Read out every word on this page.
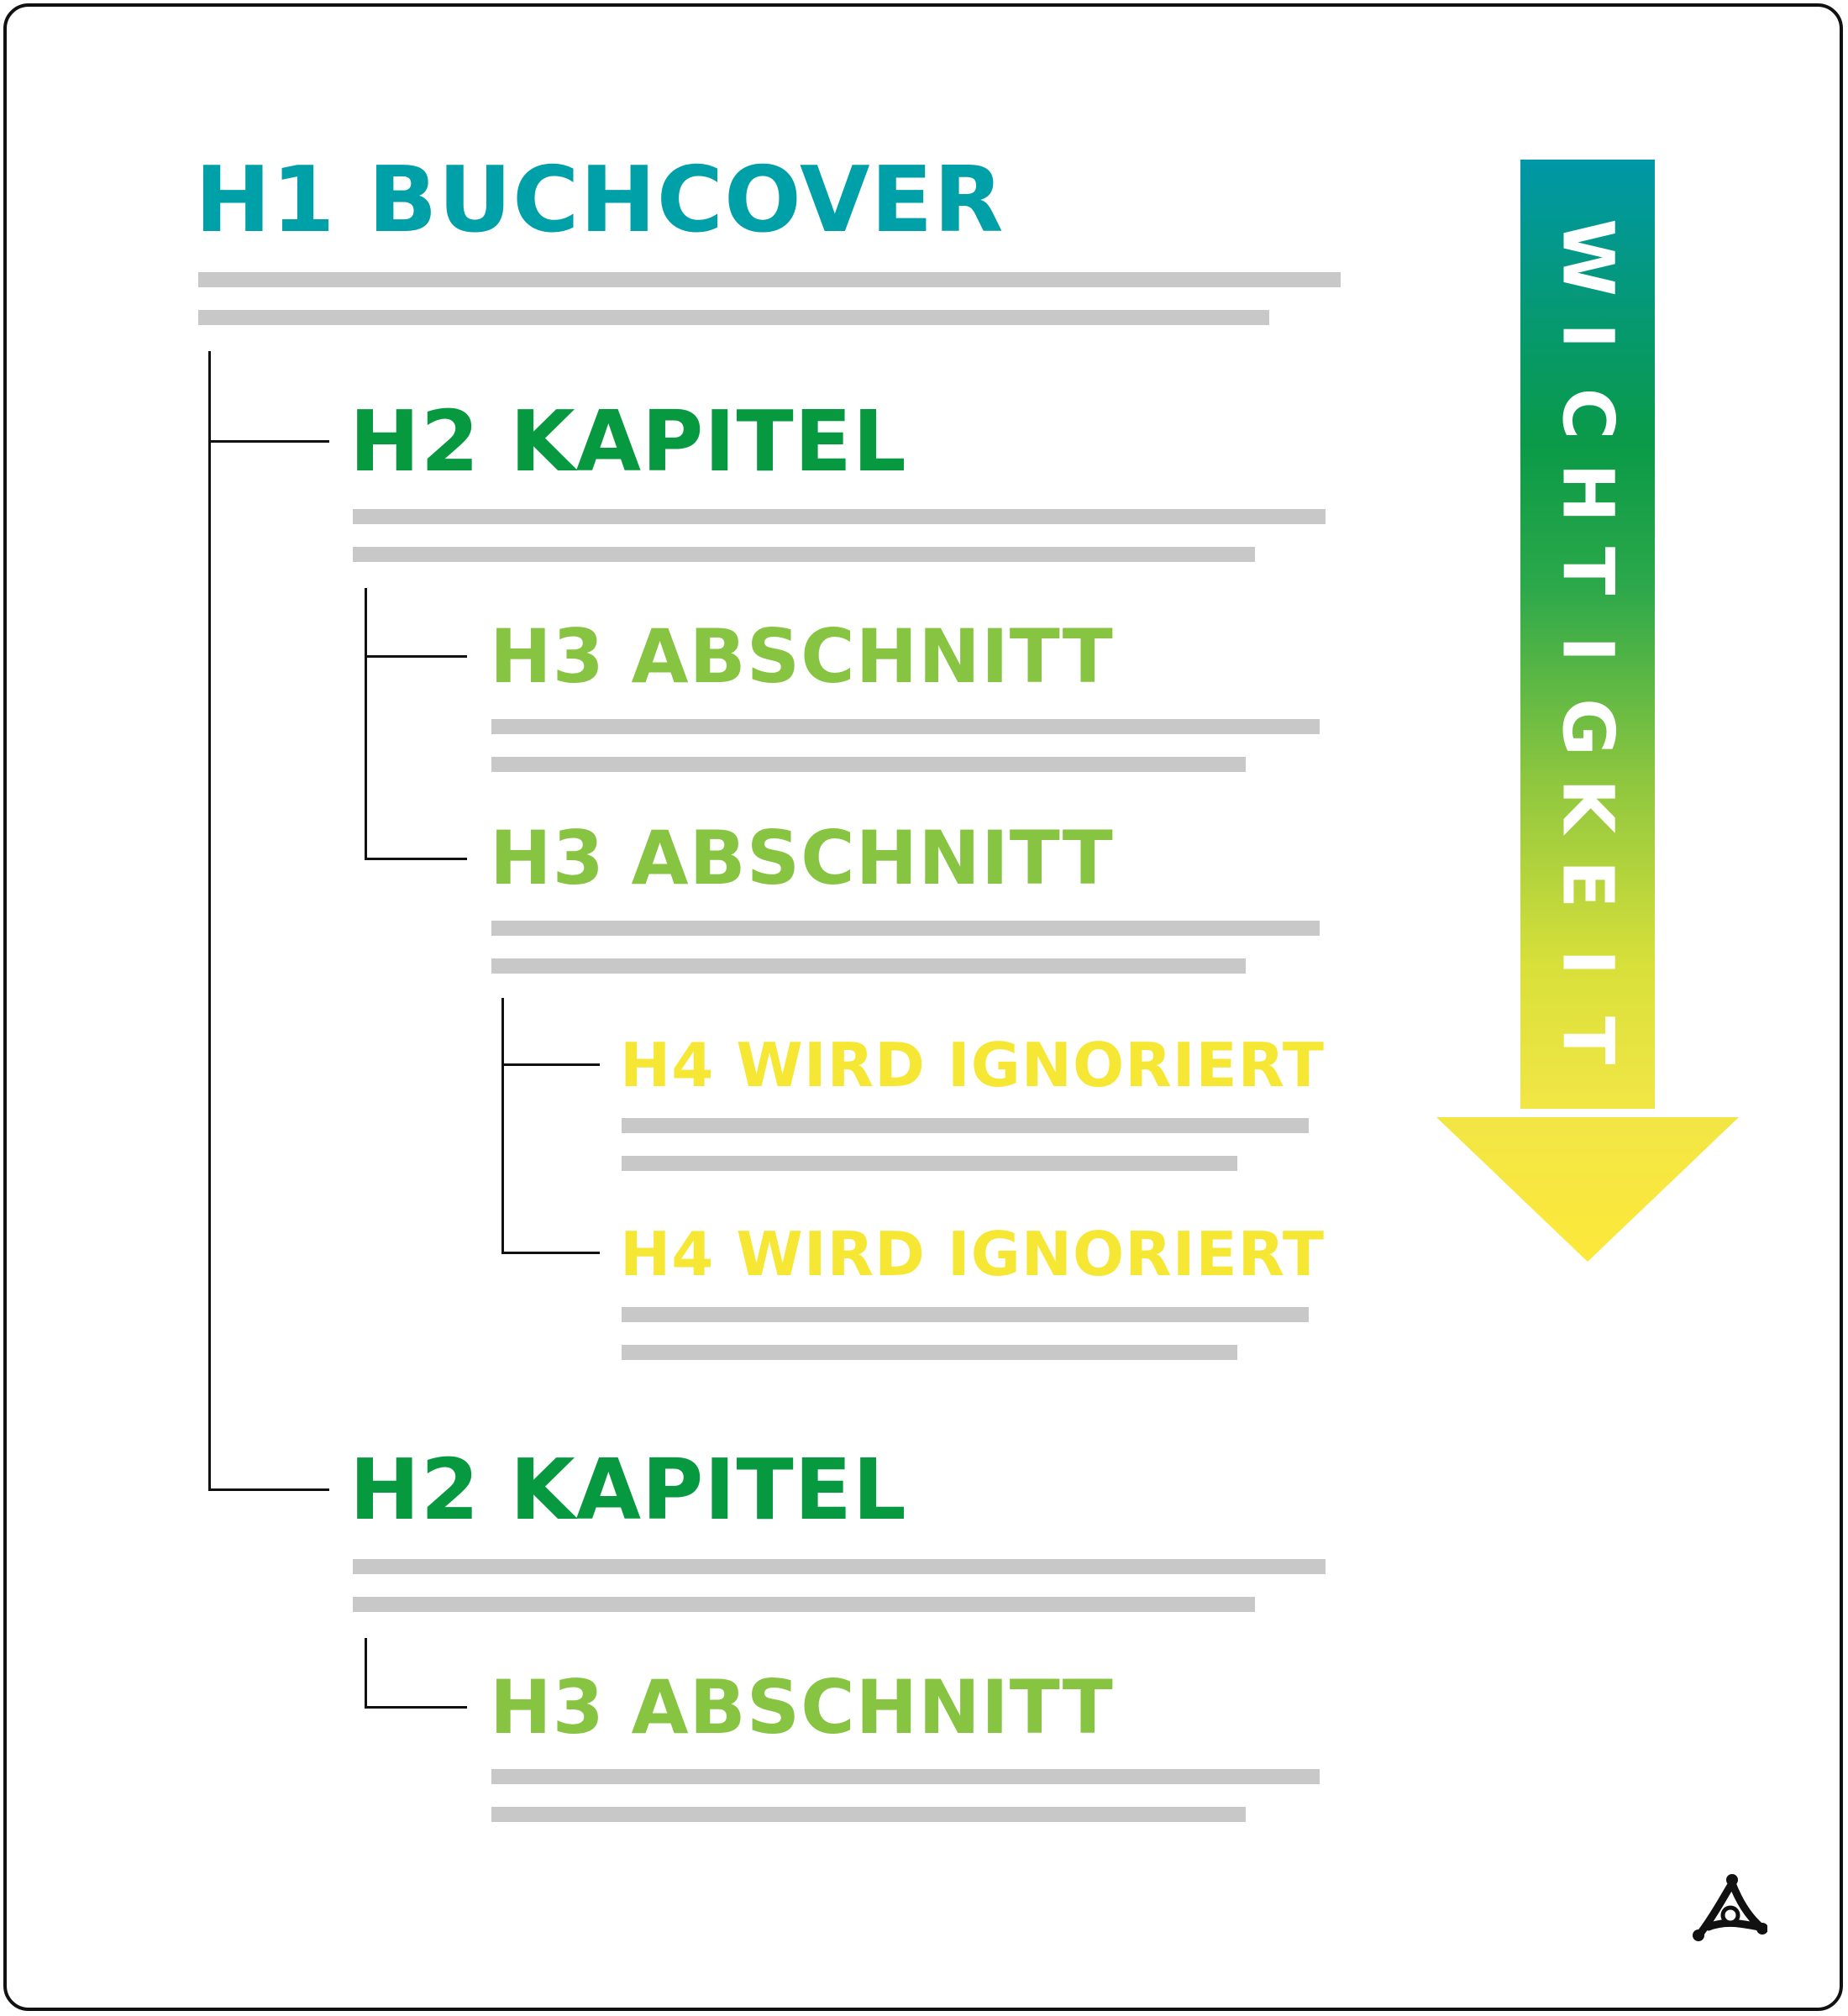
H1 BUCHCOVER
H2 KAPITEL
H3 ABSCHNITT
H3 ABSCHNITT
H4 WIRD IGNORIERT
H4 WIRD IGNORIERT
H2 KAPITEL
H3 ABSCHNITT
W
I
C
H
T
I
G
K
E
I
T
